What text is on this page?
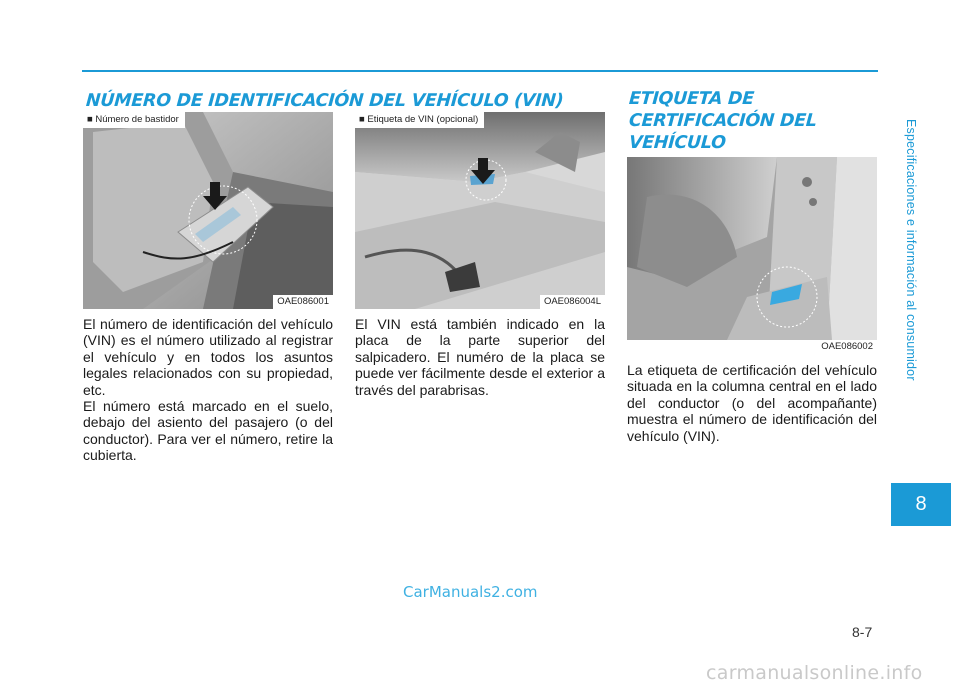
NÚMERO DE IDENTIFICACIÓN DEL VEHÍCULO (VIN)
■ Número de bastidor
OAE086001
■ Etiqueta de VIN (opcional)
OAE086004L

El número de identificación del vehículo (VIN) es el número utilizado al registrar el vehículo y en todos los asuntos legales relacionados con su propiedad, etc.

El número está marcado en el suelo, debajo del asiento del pasajero (o del conductor). Para ver el número, retire la cubierta.

El VIN está también indicado en la placa de la parte superior del salpicadero. El numéro de la placa se puede ver fácilmente desde el exterior a través del parabrisas.

ETIQUETA DE
CERTIFICACIÓN DEL
VEHÍCULO
OAE086002

La etiqueta de certificación del vehículo situada en la columna central en el lado del conductor (o del acompañante) muestra el número de identificación del vehículo (VIN).

Especificaciones e información al consumidor
8
8-7
CarManuals2.com
carmanualsonline.info
